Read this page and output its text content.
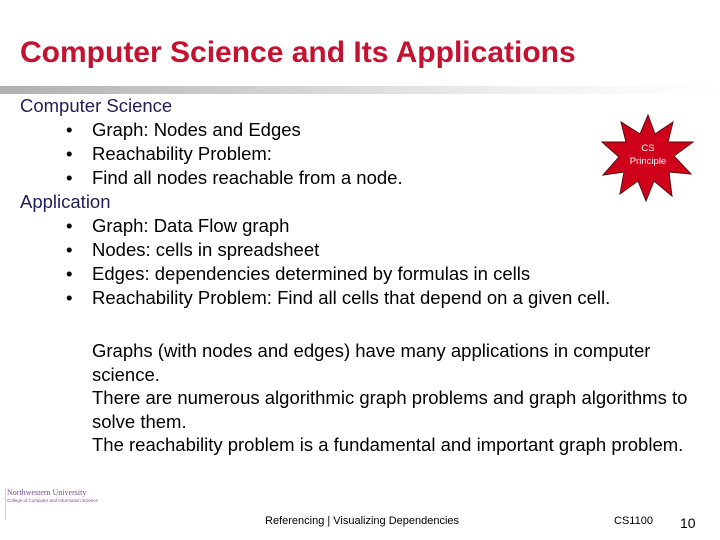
Computer Science and Its Applications

Computer Science

• Graph: Nodes and Edges
• Reachability Problem:
• Find all nodes reachable from a node.

Application

• Graph: Data Flow graph
• Nodes: cells in spreadsheet
• Edges: dependencies determined by formulas in cells
• Reachability Problem: Find all cells that depend on a given cell.

Graphs (with nodes and edges) have many applications in computer science.

There are numerous algorithmic graph problems and graph algorithms to solve them.

The reachability problem is a fundamental and important graph problem.

CS
Principle
Northwestern University
College of Computer and Information Science
Referencing | Visualizing Dependencies	CS1100 10
